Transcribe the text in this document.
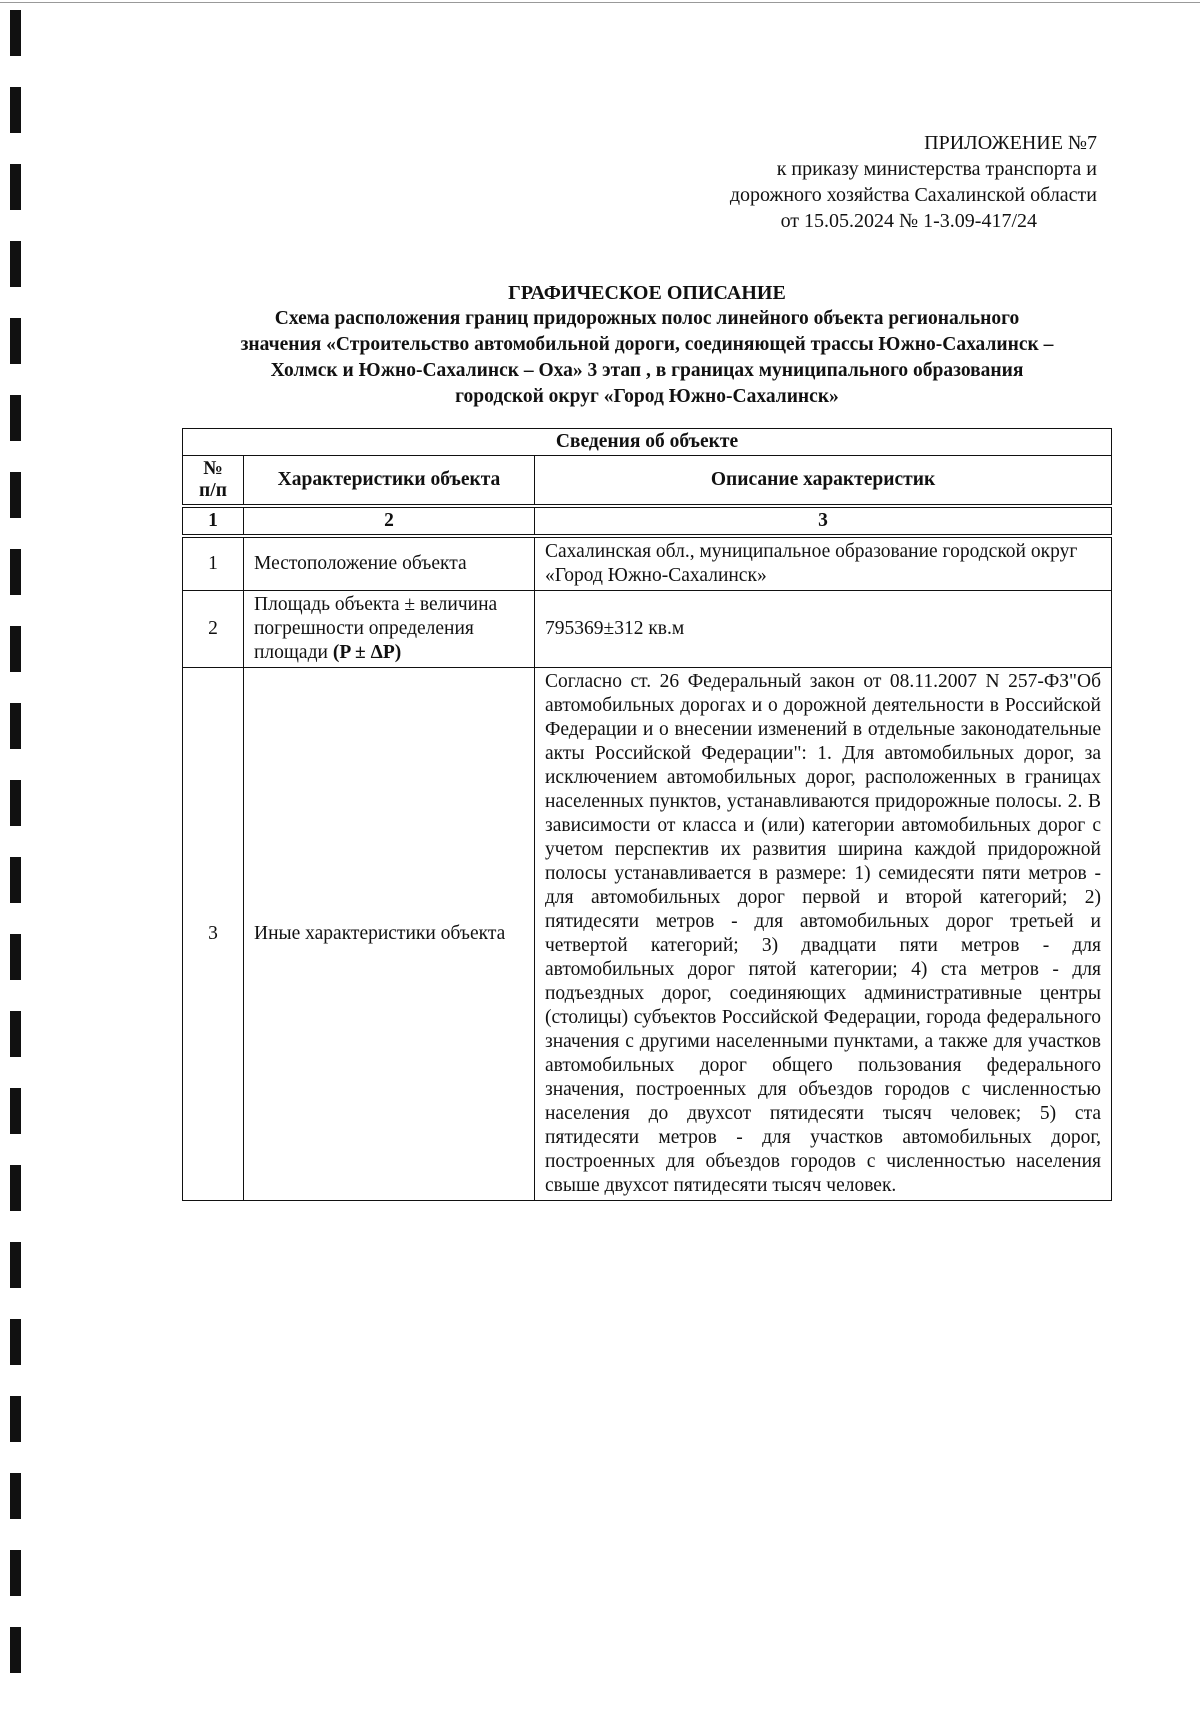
ПРИЛОЖЕНИЕ №7
к приказу министерства транспорта и
дорожного хозяйства Сахалинской области
от 15.05.2024 № 1-3.09-417/24
ГРАФИЧЕСКОЕ ОПИСАНИЕ
Схема расположения границ придорожных полос линейного объекта регионального
значения «Строительство автомобильной дороги, соединяющей трассы Южно-Сахалинск –
Холмск и Южно-Сахалинск – Оха» 3 этап , в границах муниципального образования
городской округ «Город Южно-Сахалинск»
Сведения об объекте		
№ п/п	Характеристики объекта	Описание характеристик
1	2	3
1	Местоположение объекта	Сахалинская обл., муниципальное образование городской округ «Город Южно-Сахалинск»
2	Площадь объекта ± величина погрешности определения площади (P ± ΔP)	795369±312 кв.м
3	Иные характеристики объекта	Согласно ст. 26 Федеральный закон от 08.11.2007 N 257-ФЗ"Об автомобильных дорогах и о дорожной деятельности в Российской Федерации и о внесении изменений в отдельные законодательные акты Российской Федерации": 1. Для автомобильных дорог, за исключением автомобильных дорог, расположенных в границах населенных пунктов, устанавливаются придорожные полосы. 2. В зависимости от класса и (или) категории автомобильных дорог с учетом перспектив их развития ширина каждой придорожной полосы устанавливается в размере: 1) семидесяти пяти метров - для автомобильных дорог первой и второй категорий; 2) пятидесяти метров - для автомобильных дорог третьей и четвертой категорий; 3) двадцати пяти метров - для автомобильных дорог пятой категории; 4) ста метров - для подъездных дорог, соединяющих административные центры (столицы) субъектов Российской Федерации, города федерального значения с другими населенными пунктами, а также для участков автомобильных дорог общего пользования федерального значения, построенных для объездов городов с численностью населения до двухсот пятидесяти тысяч человек; 5) ста пятидесяти метров - для участков автомобильных дорог, построенных для объездов городов с численностью населения свыше двухсот пятидесяти тысяч человек.
